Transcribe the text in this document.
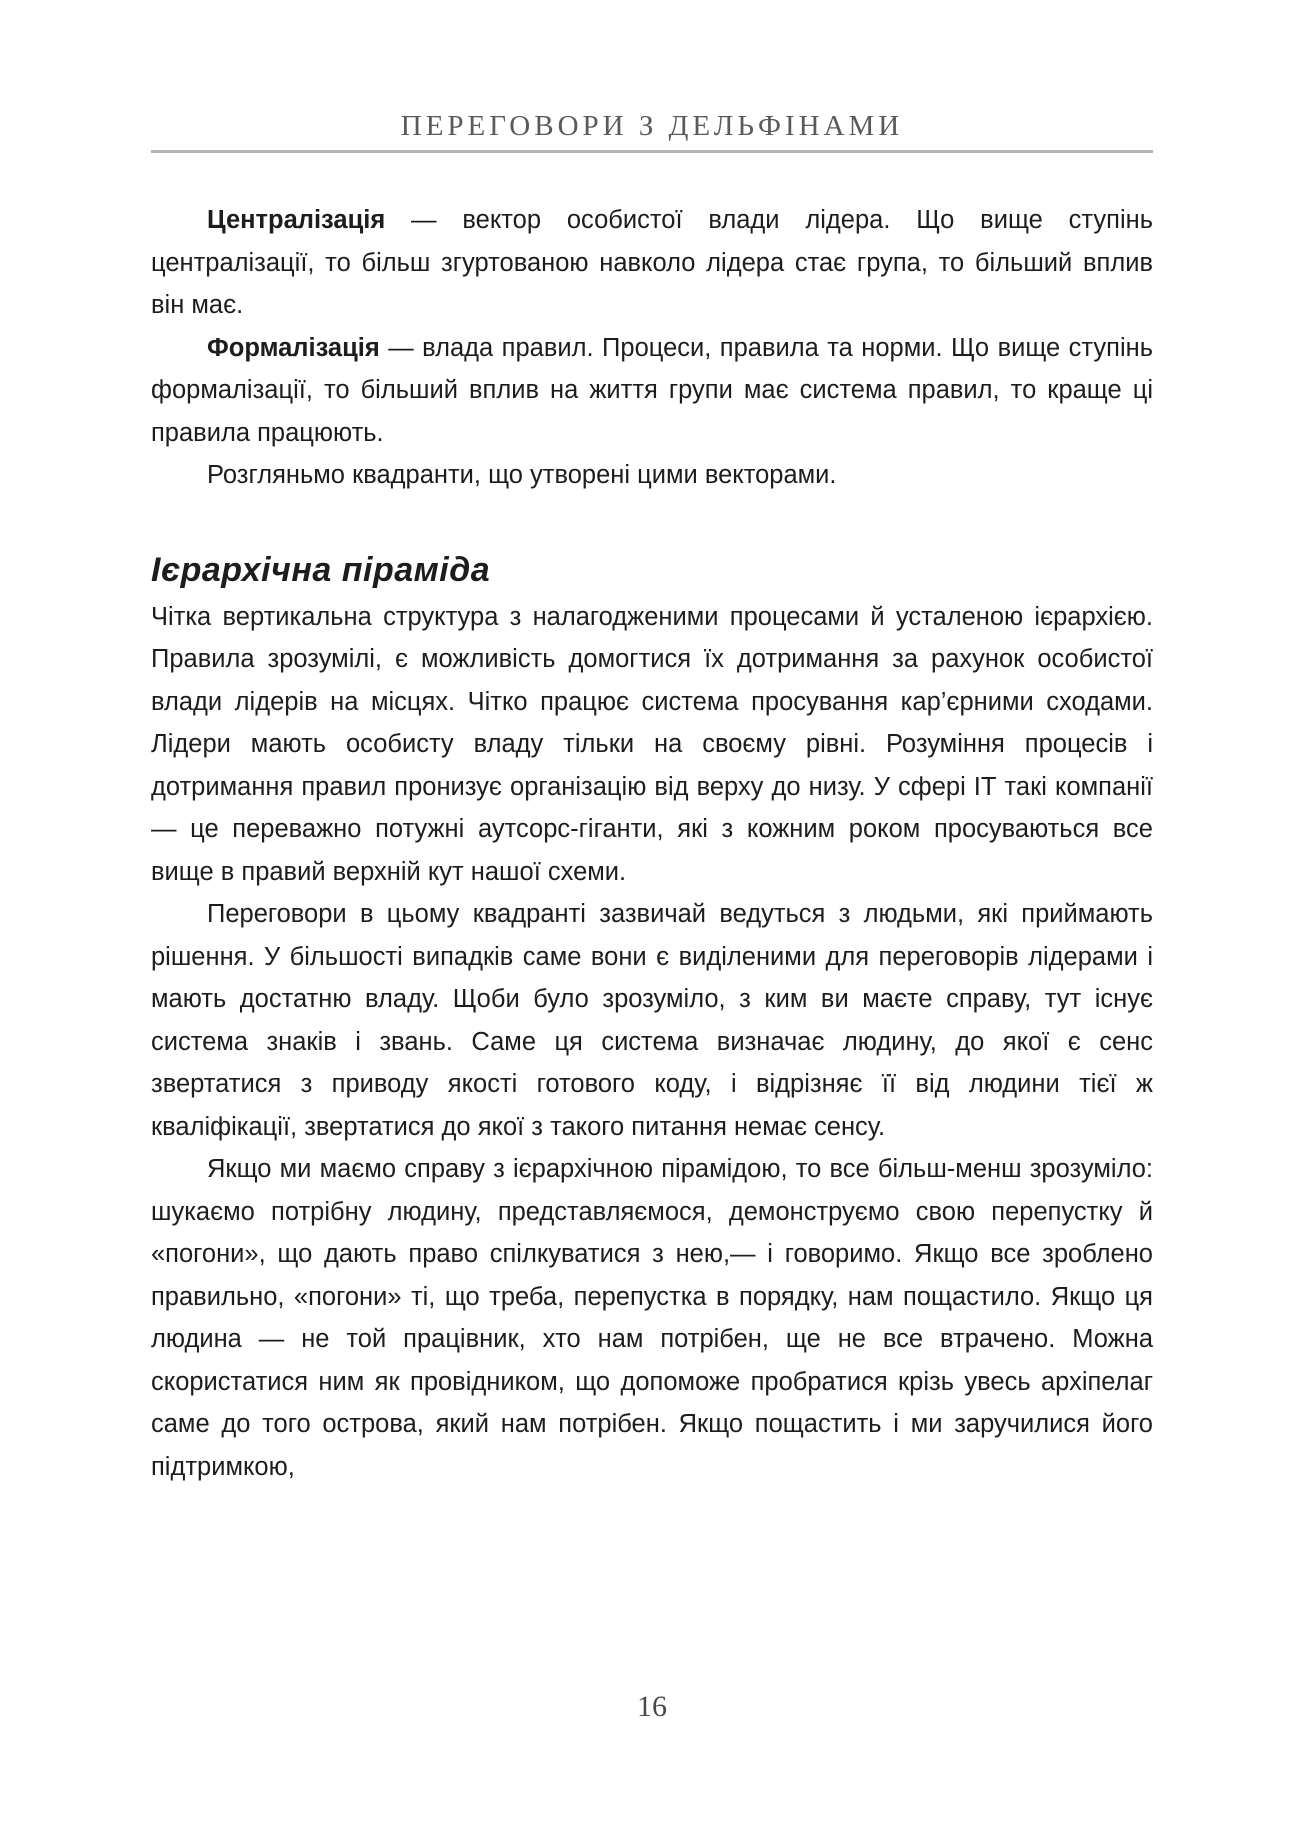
ПЕРЕГОВОРИ З ДЕЛЬФІНАМИ

Централізація — вектор особистої влади лідера. Що вище ступінь централізації, то більш згуртованою навколо лідера стає група, то більший вплив він має.

Формалізація — влада правил. Процеси, правила та норми. Що вище ступінь формалізації, то більший вплив на життя групи має система правил, то краще ці правила працюють.

Розгляньмо квадранти, що утворені цими векторами.

Ієрархічна піраміда

Чітка вертикальна структура з налагодженими процесами й усталеною ієрархією. Правила зрозумілі, є можливість домогтися їх дотримання за рахунок особистої влади лідерів на місцях. Чітко працює система просування кар’єрними сходами. Лідери мають особисту владу тільки на своєму рівні. Розуміння процесів і дотримання правил пронизує організацію від верху до низу. У сфері ІТ такі компанії — це переважно потужні аутсорс-гіганти, які з кожним роком просуваються все вище в правий верхній кут нашої схеми.

Переговори в цьому квадранті зазвичай ведуться з людьми, які приймають рішення. У більшості випадків саме вони є виділеними для переговорів лідерами і мають достатню владу. Щоби було зрозуміло, з ким ви маєте справу, тут існує система знаків і звань. Саме ця система визначає людину, до якої є сенс звертатися з приводу якості готового коду, і відрізняє її від людини тієї ж кваліфікації, звертатися до якої з такого питання немає сенсу.

Якщо ми маємо справу з ієрархічною пірамідою, то все більш-менш зрозуміло: шукаємо потрібну людину, представляємося, демонструємо свою перепустку й «погони», що дають право спілкуватися з нею,— і говоримо. Якщо все зроблено правильно, «погони» ті, що треба, перепустка в порядку, нам пощастило. Якщо ця людина — не той працівник, хто нам потрібен, ще не все втрачено. Можна скористатися ним як провідником, що допоможе пробратися крізь увесь архіпелаг саме до того острова, який нам потрібен. Якщо пощастить і ми заручилися його підтримкою,

16
